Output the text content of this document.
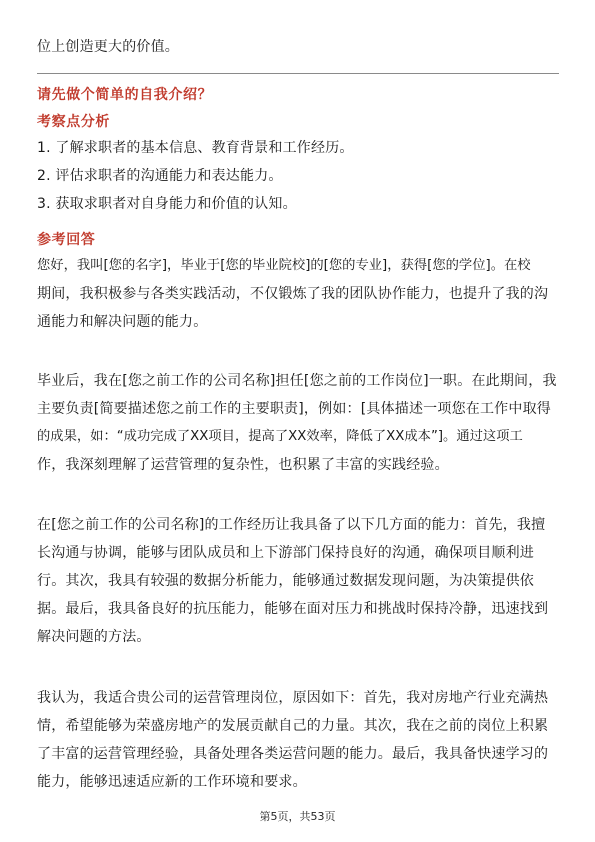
位上创造更大的价值。
请先做个简单的自我介绍？
考察点分析
1. 了解求职者的基本信息、教育背景和工作经历。
2. 评估求职者的沟通能力和表达能力。
3. 获取求职者对自身能力和价值的认知。
参考回答
您好，我叫[您的名字]，毕业于[您的毕业院校]的[您的专业]，获得[您的学位]。在校
期间，我积极参与各类实践活动，不仅锻炼了我的团队协作能力，也提升了我的沟
通能力和解决问题的能力。
毕业后，我在[您之前工作的公司名称]担任[您之前的工作岗位]一职。在此期间，我
主要负责[简要描述您之前工作的主要职责]，例如：[具体描述一项您在工作中取得
的成果，如：“成功完成了XX项目，提高了XX效率，降低了XX成本”]。通过这项工
作，我深刻理解了运营管理的复杂性，也积累了丰富的实践经验。
在[您之前工作的公司名称]的工作经历让我具备了以下几方面的能力：首先，我擅
长沟通与协调，能够与团队成员和上下游部门保持良好的沟通，确保项目顺利进
行。其次，我具有较强的数据分析能力，能够通过数据发现问题，为决策提供依
据。最后，我具备良好的抗压能力，能够在面对压力和挑战时保持冷静，迅速找到
解决问题的方法。
我认为，我适合贵公司的运营管理岗位，原因如下：首先，我对房地产行业充满热
情，希望能够为荣盛房地产的发展贡献自己的力量。其次，我在之前的岗位上积累
了丰富的运营管理经验，具备处理各类运营问题的能力。最后，我具备快速学习的
能力，能够迅速适应新的工作环境和要求。
第5页，共53页
